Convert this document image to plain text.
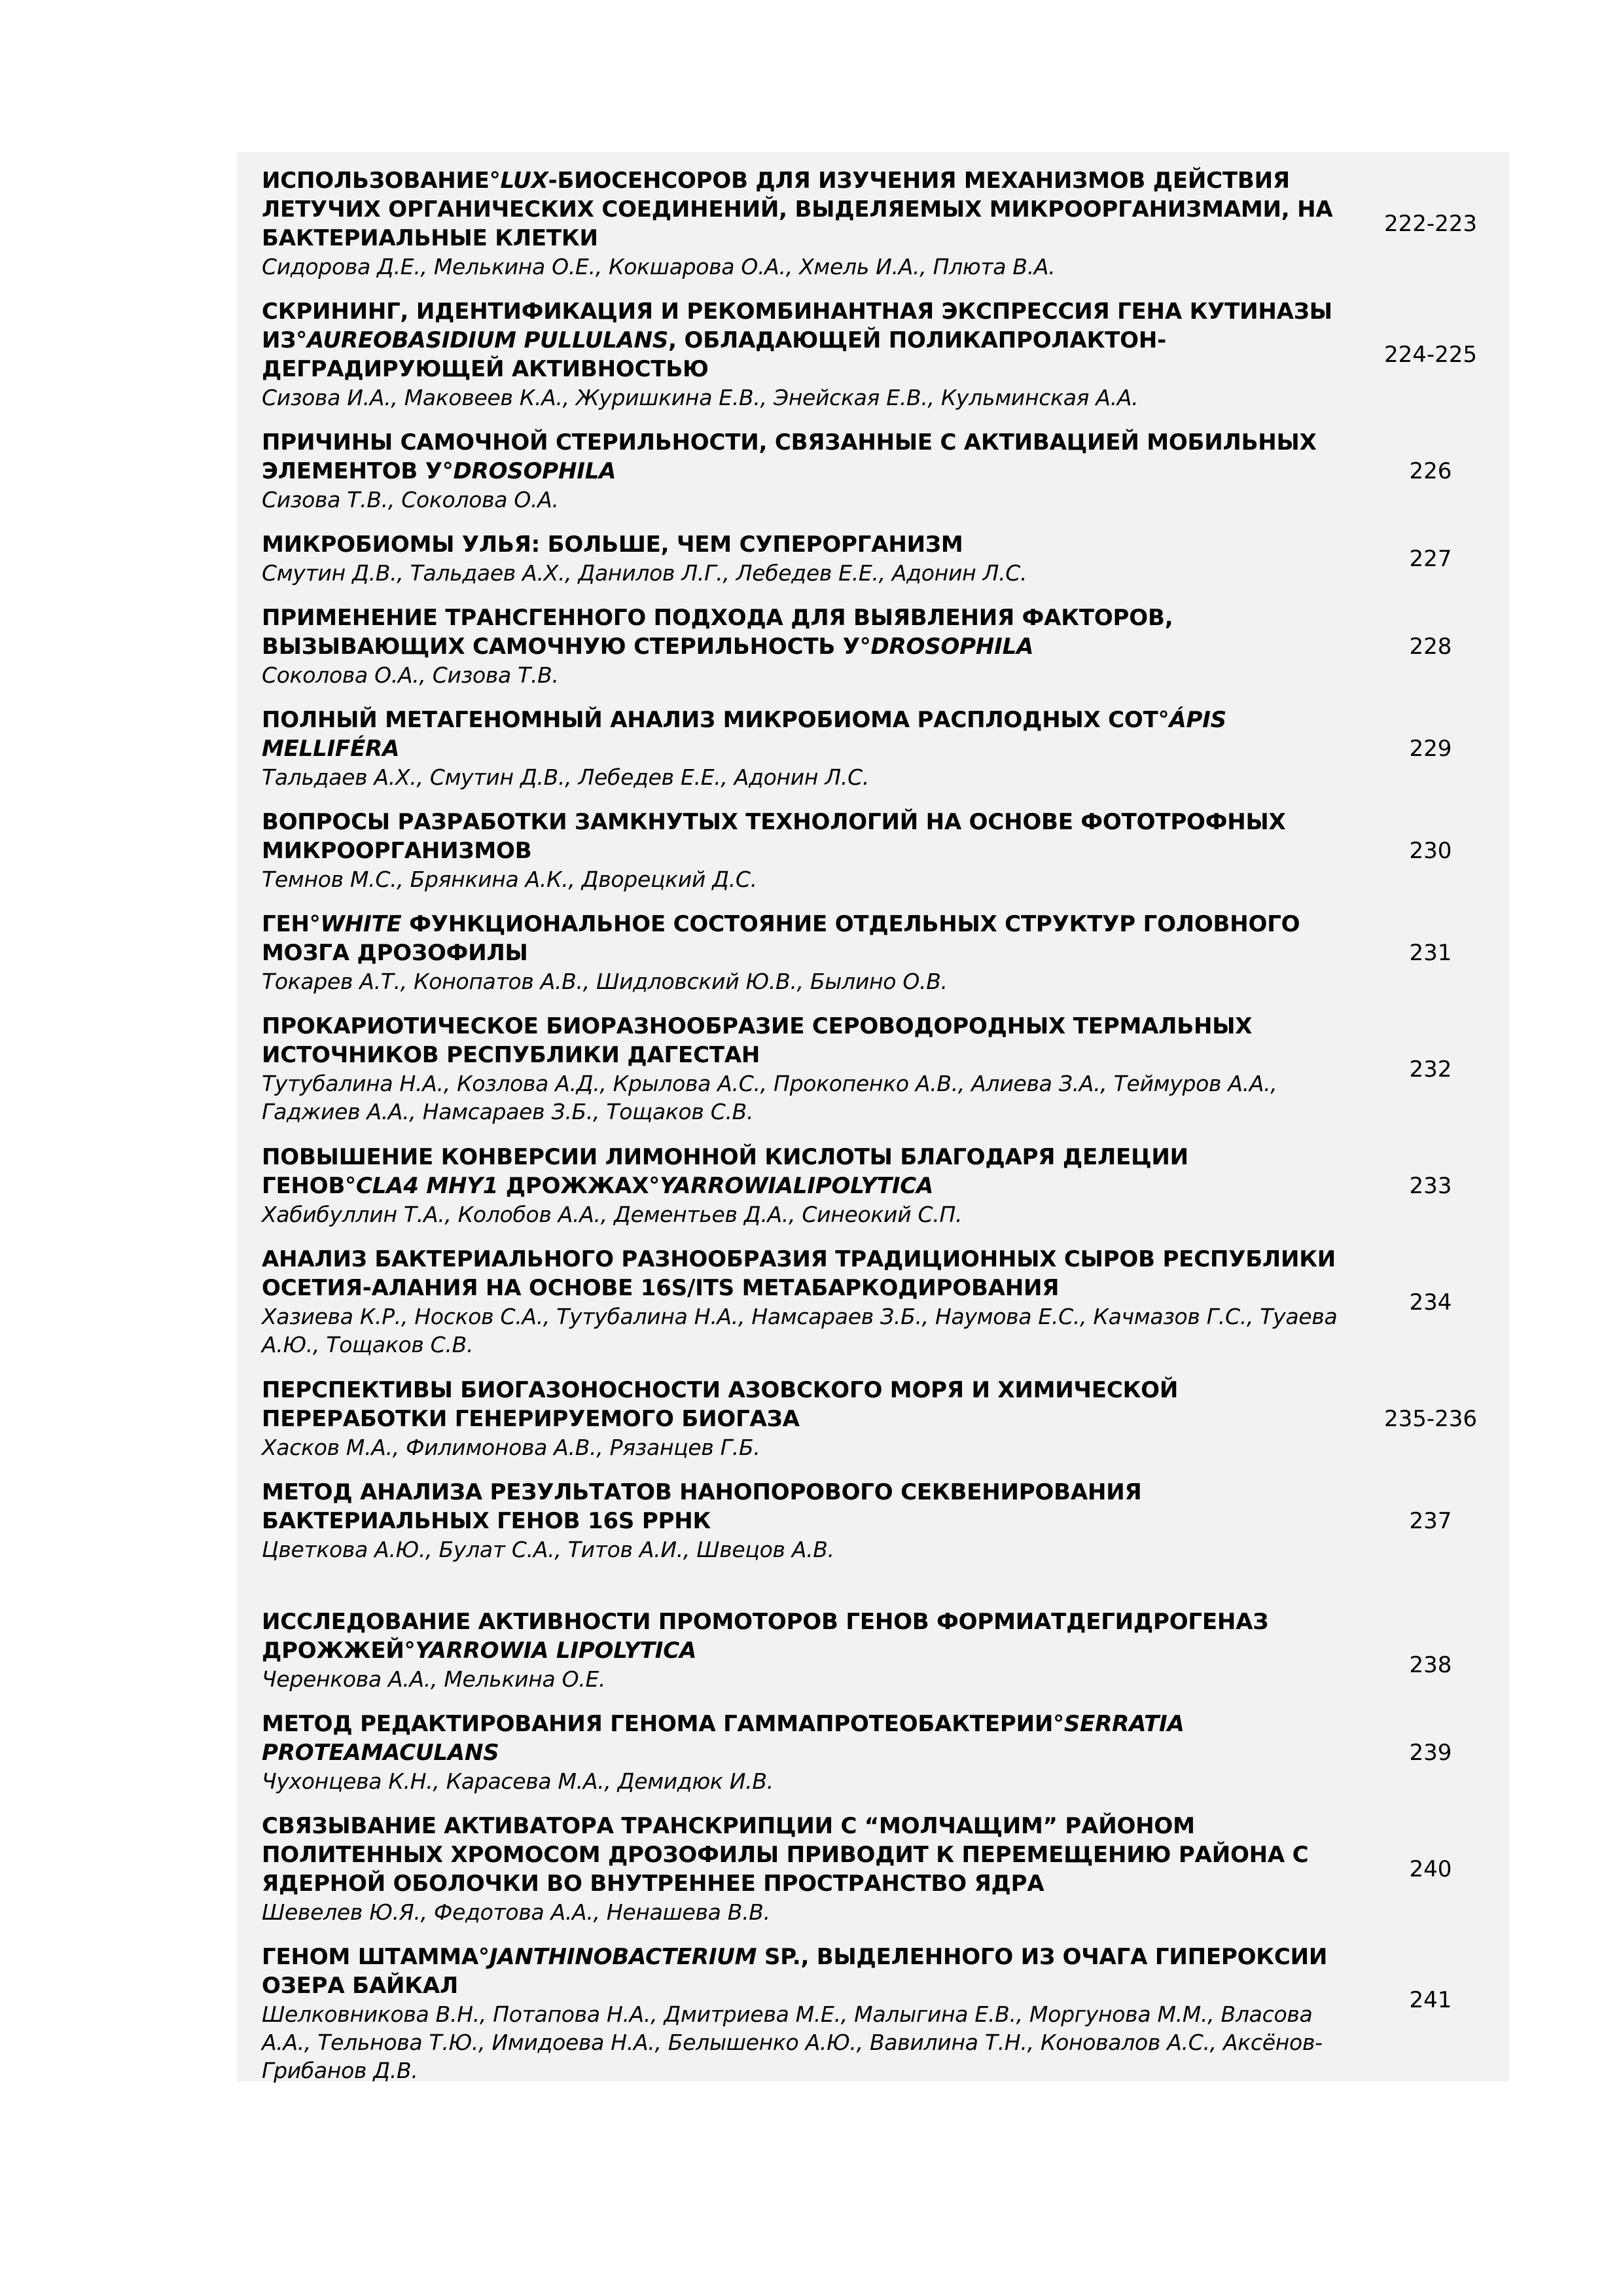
ИСПОЛЬЗОВАНИЕ°LUX-БИОСЕНСОРОВ ДЛЯ ИЗУЧЕНИЯ МЕХАНИЗМОВ ДЕЙСТВИЯ ЛЕТУЧИХ ОРГАНИЧЕСКИХ СОЕДИНЕНИЙ, ВЫДЕЛЯЕМЫХ МИКРООРГАНИЗМАМИ, НА БАКТЕРИАЛЬНЫЕ КЛЕТКИ

Сидорова Д.Е., Мелькина О.Е., Кокшарова О.А., Хмель И.А., Плюта В.А.

222-223

СКРИНИНГ, ИДЕНТИФИКАЦИЯ И РЕКОМБИНАНТНАЯ ЭКСПРЕССИЯ ГЕНА КУТИНАЗЫ ИЗ°AUREOBASIDIUM PULLULANS, ОБЛАДАЮЩЕЙ ПОЛИКАПРОЛАКТОН-ДЕГРАДИРУЮЩЕЙ АКТИВНОСТЬЮ

Сизова И.А., Маковеев К.А., Журишкина Е.В., Энейская Е.В., Кульминская А.А.

224-225

ПРИЧИНЫ САМОЧНОЙ СТЕРИЛЬНОСТИ, СВЯЗАННЫЕ С АКТИВАЦИЕЙ МОБИЛЬНЫХ ЭЛЕМЕНТОВ У°DROSOPHILA

Сизова Т.В., Соколова О.А.

226

МИКРОБИОМЫ УЛЬЯ: БОЛЬШЕ, ЧЕМ СУПЕРОРГАНИЗМ

Смутин Д.В., Тальдаев А.Х., Данилов Л.Г., Лебедев Е.Е., Адонин Л.С.

227

ПРИМЕНЕНИЕ ТРАНСГЕННОГО ПОДХОДА ДЛЯ ВЫЯВЛЕНИЯ ФАКТОРОВ, ВЫЗЫВАЮЩИХ САМОЧНУЮ СТЕРИЛЬНОСТЬ У°DROSOPHILA

Соколова О.А., Сизова Т.В.

228

ПОЛНЫЙ МЕТАГЕНОМНЫЙ АНАЛИЗ МИКРОБИОМА РАСПЛОДНЫХ СОТ°ÁPIS MELLIFÉRA

Тальдаев А.Х., Смутин Д.В., Лебедев Е.Е., Адонин Л.С.

229

ВОПРОСЫ РАЗРАБОТКИ ЗАМКНУТЫХ ТЕХНОЛОГИЙ НА ОСНОВЕ ФОТОТРОФНЫХ МИКРООРГАНИЗМОВ

Темнов М.С., Брянкина А.К., Дворецкий Д.С.

230

ГЕН°WHITE ФУНКЦИОНАЛЬНОЕ СОСТОЯНИЕ ОТДЕЛЬНЫХ СТРУКТУР ГОЛОВНОГО МОЗГА ДРОЗОФИЛЫ

Токарев А.Т., Конопатов А.В., Шидловский Ю.В., Былино О.В.

231

ПРОКАРИОТИЧЕСКОЕ БИОРАЗНООБРАЗИЕ СЕРОВОДОРОДНЫХ ТЕРМАЛЬНЫХ ИСТОЧНИКОВ РЕСПУБЛИКИ ДАГЕСТАН

Тутубалина Н.А., Козлова А.Д., Крылова А.С., Прокопенко А.В., Алиева З.А., Теймуров А.А., Гаджиев А.А., Намсараев З.Б., Тощаков С.В.

232

ПОВЫШЕНИЕ КОНВЕРСИИ ЛИМОННОЙ КИСЛОТЫ БЛАГОДАРЯ ДЕЛЕЦИИ ГЕНОВ°CLA4 MHY1 ДРОЖЖАХ°YARROWIALIPOLYTICA

Хабибуллин Т.А., Колобов А.А., Дементьев Д.А., Синеокий С.П.

233

АНАЛИЗ БАКТЕРИАЛЬНОГО РАЗНООБРАЗИЯ ТРАДИЦИОННЫХ СЫРОВ РЕСПУБЛИКИ ОСЕТИЯ-АЛАНИЯ НА ОСНОВЕ 16S/ITS МЕТАБАРКОДИРОВАНИЯ

Хазиева К.Р., Носков С.А., Тутубалина Н.А., Намсараев З.Б., Наумова Е.С., Качмазов Г.С., Туаева А.Ю., Тощаков С.В.

234

ПЕРСПЕКТИВЫ БИОГАЗОНОСНОСТИ АЗОВСКОГО МОРЯ И ХИМИЧЕСКОЙ ПЕРЕРАБОТКИ ГЕНЕРИРУЕМОГО БИОГАЗА

Хасков М.А., Филимонова А.В., Рязанцев Г.Б.

235-236

МЕТОД АНАЛИЗА РЕЗУЛЬТАТОВ НАНОПОРОВОГО СЕКВЕНИРОВАНИЯ БАКТЕРИАЛЬНЫХ ГЕНОВ 16S РРНК

Цветкова А.Ю., Булат С.А., Титов А.И., Швецов А.В.

237

ИССЛЕДОВАНИЕ АКТИВНОСТИ ПРОМОТОРОВ ГЕНОВ ФОРМИАТДЕГИДРОГЕНАЗ ДРОЖЖЕЙ°YARROWIA LIPOLYTICA

Черенкова А.А., Мелькина О.Е.

238

МЕТОД РЕДАКТИРОВАНИЯ ГЕНОМА ГАММАПРОТЕОБАКТЕРИИ°SERRATIA PROTEAMACULANS

Чухонцева К.Н., Карасева М.А., Демидюк И.В.

239

СВЯЗЫВАНИЕ АКТИВАТОРА ТРАНСКРИПЦИИ С “МОЛЧАЩИМ” РАЙОНОМ ПОЛИТЕННЫХ ХРОМОСОМ ДРОЗОФИЛЫ ПРИВОДИТ К ПЕРЕМЕЩЕНИЮ РАЙОНА С ЯДЕРНОЙ ОБОЛОЧКИ ВО ВНУТРЕННЕЕ ПРОСТРАНСТВО ЯДРА

Шевелев Ю.Я., Федотова А.А., Ненашева В.В.

240

ГЕНОМ ШТАММА°JANTHINOBACTERIUM SP., ВЫДЕЛЕННОГО ИЗ ОЧАГА ГИПЕРОКСИИ ОЗЕРА БАЙКАЛ

Шелковникова В.Н., Потапова Н.А., Дмитриева М.Е., Малыгина Е.В., Моргунова М.М., Власова А.А., Тельнова Т.Ю., Имидоева Н.А., Белышенко А.Ю., Вавилина Т.Н., Коновалов А.С., Аксёнов-Грибанов Д.В.

241
